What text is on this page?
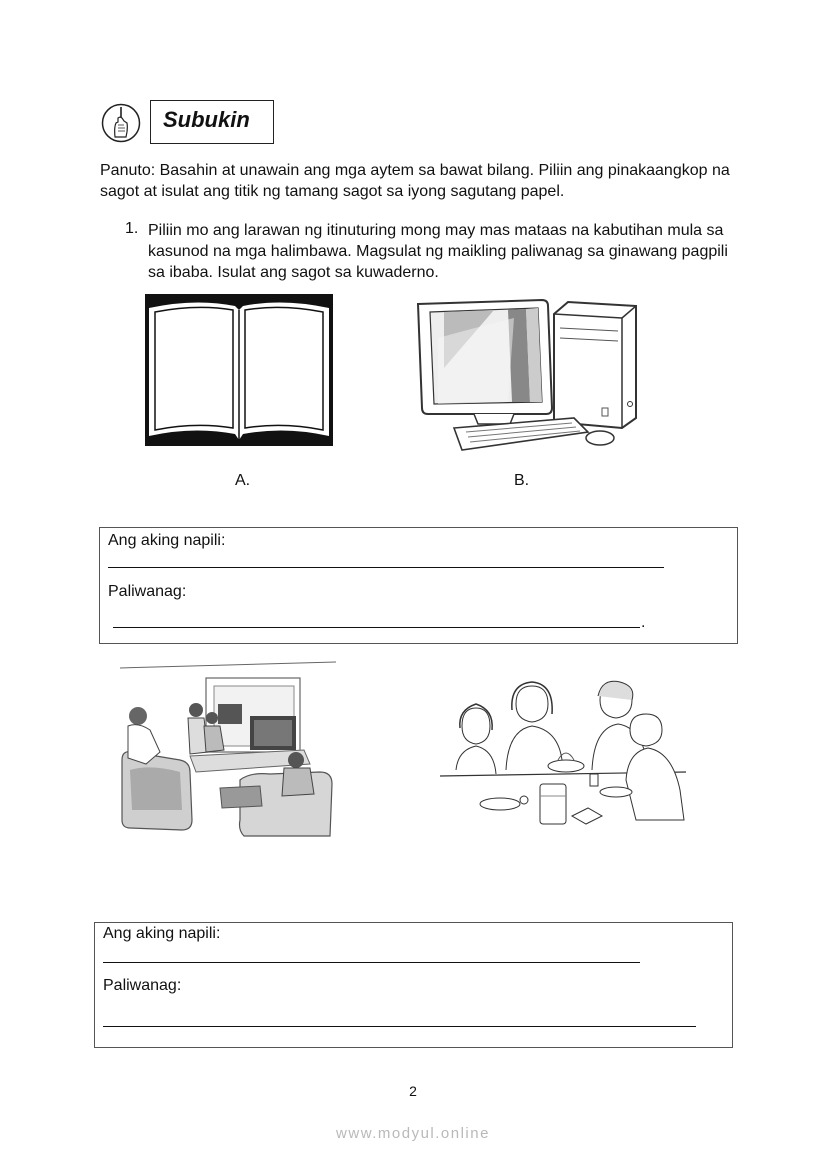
Subukin
Panuto: Basahin at unawain ang mga aytem sa bawat bilang. Piliin ang pinakaangkop na sagot at isulat ang titik ng tamang sagot sa iyong sagutang papel.
1. Piliin mo ang larawan ng itinuturing mong may mas mataas na kabutihan mula sa kasunod na mga halimbawa. Magsulat ng maikling paliwanag sa ginawang pagpili sa ibaba. Isulat ang sagot sa kuwaderno.
A.	B.
Ang aking napili:
Paliwanag:
.
Ang aking napili:
Paliwanag:
2
www.modyul.online
